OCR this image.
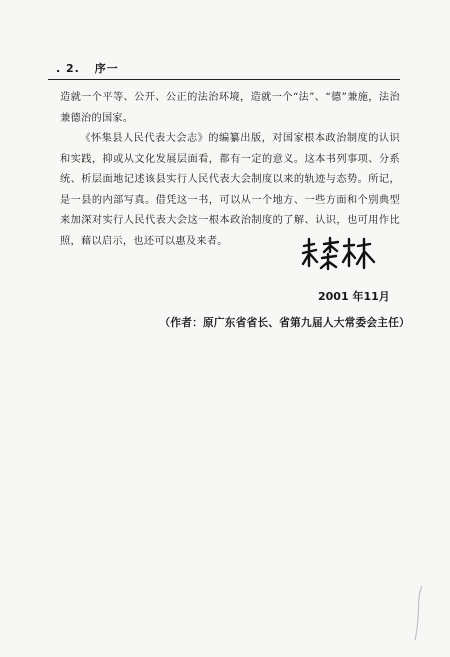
. 2. 序一

造就一个平等、公开、公正的法治环境，造就一个“法”、“德”兼施，法治兼德治的国家。

《怀集县人民代表大会志》的编纂出版，对国家根本政治制度的认识和实践，抑或从文化发展层面看，都有一定的意义。这本书列事项、分系统、析层面地记述该县实行人民代表大会制度以来的轨迹与态势。所记，是一县的内部写真。借凭这一书，可以从一个地方、一些方面和个别典型来加深对实行人民代表大会这一根本政治制度的了解、认识，也可用作比照，藉以启示，也还可以惠及来者。

2001 年11月
（作者：原广东省省长、省第九届人大常委会主任）
